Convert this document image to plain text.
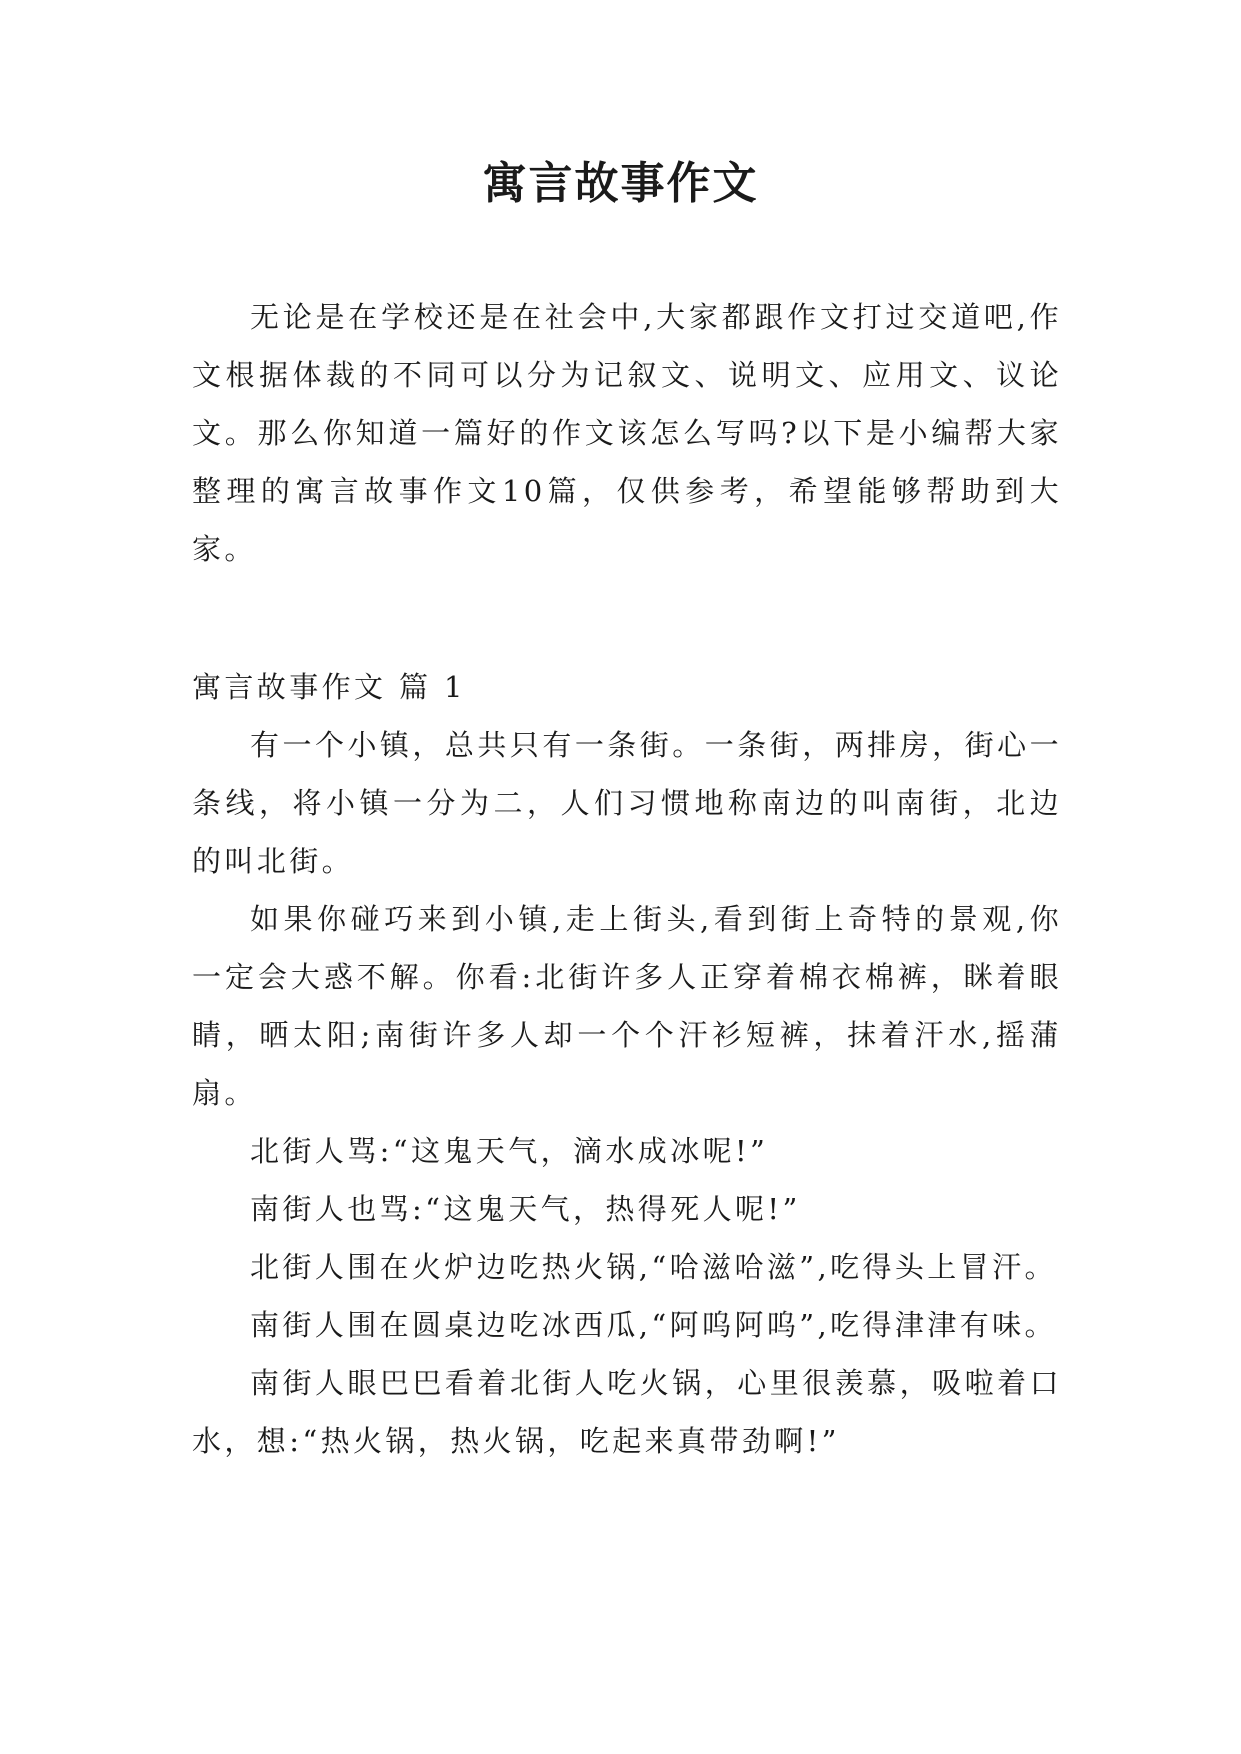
寓言故事作文

无论是在学校还是在社会中,大家都跟作文打过交道吧,作文根据体裁的不同可以分为记叙文、说明文、应用文、议论文。那么你知道一篇好的作文该怎么写吗?以下是小编帮大家整理的寓言故事作文10篇，仅供参考，希望能够帮助到大家。

寓言故事作文 篇 1

有一个小镇，总共只有一条街。一条街，两排房，街心一条线，将小镇一分为二，人们习惯地称南边的叫南街，北边的叫北街。

如果你碰巧来到小镇,走上街头,看到街上奇特的景观,你一定会大惑不解。你看:北街许多人正穿着棉衣棉裤，眯着眼睛，晒太阳;南街许多人却一个个汗衫短裤，抹着汗水,摇蒲扇。

北街人骂:“这鬼天气，滴水成冰呢!”

南街人也骂:“这鬼天气，热得死人呢!”

北街人围在火炉边吃热火锅,“哈滋哈滋”,吃得头上冒汗。

南街人围在圆桌边吃冰西瓜,“阿呜阿呜”,吃得津津有味。

南街人眼巴巴看着北街人吃火锅，心里很羡慕，吸啦着口水，想:“热火锅，热火锅，吃起来真带劲啊!”
